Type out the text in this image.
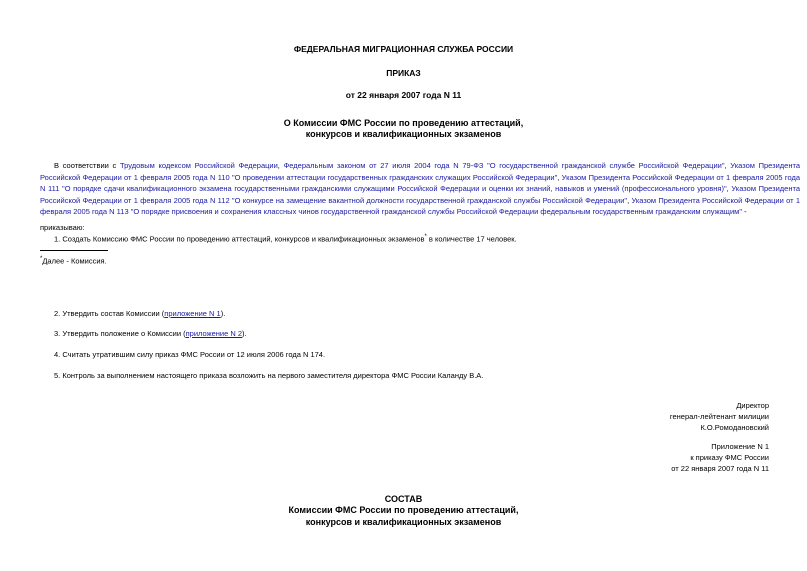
ФЕДЕРАЛЬНАЯ МИГРАЦИОННАЯ СЛУЖБА РОССИИ
ПРИКАЗ
от 22 января 2007 года N 11
О Комиссии ФМС России по проведению аттестаций,
конкурсов и квалификационных экзаменов
В соответствии с Трудовым кодексом Российской Федерации, Федеральным законом от 27 июля 2004 года N 79-ФЗ "О государственной гражданской службе Российской Федерации", Указом Президента Российской Федерации от 1 февраля 2005 года N 110 "О проведении аттестации государственных гражданских служащих Российской Федерации", Указом Президента Российской Федерации от 1 февраля 2005 года N 111 "О порядке сдачи квалификационного экзамена государственными гражданскими служащими Российской Федерации и оценки их знаний, навыков и умений (профессионального уровня)", Указом Президента Российской Федерации от 1 февраля 2005 года N 112 "О конкурсе на замещение вакантной должности государственной гражданской службы Российской Федерации", Указом Президента Российской Федерации от 1 февраля 2005 года N 113 "О порядке присвоения и сохранения классных чинов государственной гражданской службы Российской Федерации федеральным государственным гражданским служащим" -
приказываю:
1. Создать Комиссию ФМС России по проведению аттестаций, конкурсов и квалификационных экзаменов* в количестве 17 человек.
*Далее - Комиссия.
2. Утвердить состав Комиссии (приложение N 1).
3. Утвердить положение о Комиссии (приложение N 2).
4. Считать утратившим силу приказ ФМС России от 12 июля 2006 года N 174.
5. Контроль за выполнением настоящего приказа возложить на первого заместителя директора ФМС России Каланду В.А.
Директор
генерал-лейтенант милиции
К.О.Ромодановский
Приложение N 1
к приказу ФМС России
от 22 января 2007 года N 11
СОСТАВ
Комиссии ФМС России по проведению аттестаций,
конкурсов и квалификационных экзаменов
